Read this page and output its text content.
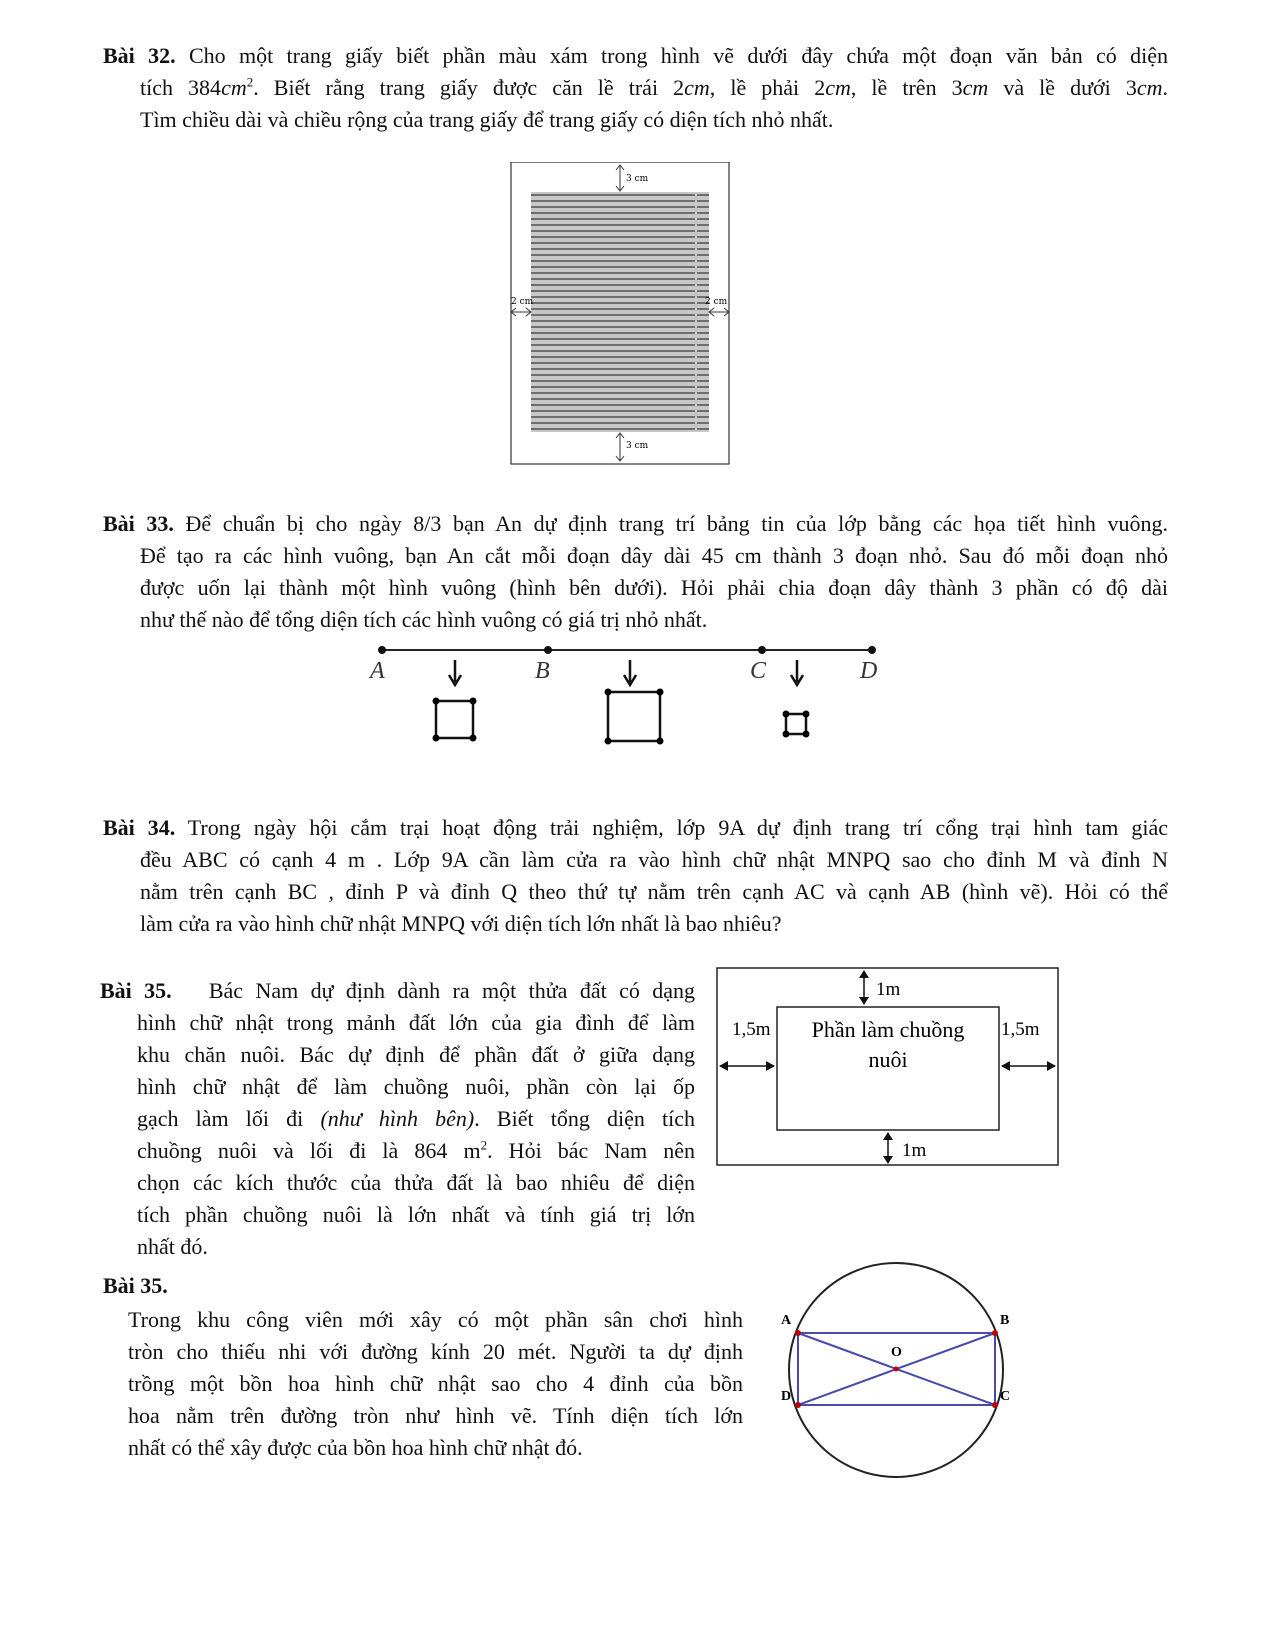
Bài 32. Cho một trang giấy biết phần màu xám trong hình vẽ dưới đây chứa một đoạn văn bản có diện
tích $384cm^2$. Biết rằng trang giấy được căn lề trái 2cm, lề phải 2cm, lề trên 3cm và lề dưới 3cm.
Tìm chiều dài và chiều rộng của trang giấy để trang giấy có diện tích nhỏ nhất.
3 cm
3 cm
2 cm	2 cm
Bài 33. Để chuẩn bị cho ngày 8/3 bạn An dự định trang trí bảng tin của lớp bằng các họa tiết hình vuông.
Để tạo ra các hình vuông, bạn An cắt mỗi đoạn dây dài 45 cm thành 3 đoạn nhỏ. Sau đó mỗi đoạn nhỏ
được uốn lại thành một hình vuông (hình bên dưới). Hỏi phải chia đoạn dây thành 3 phần có độ dài
như thế nào để tổng diện tích các hình vuông có giá trị nhỏ nhất.
A	B	C	D
Bài 34. Trong ngày hội cắm trại hoạt động trải nghiệm, lớp 9A dự định trang trí cổng trại hình tam giác
đều ABC có cạnh 4 m . Lớp 9A cần làm cửa ra vào hình chữ nhật MNPQ sao cho đỉnh M và đỉnh N
nằm trên cạnh BC , đỉnh P và đỉnh Q theo thứ tự nằm trên cạnh AC và cạnh AB (hình vẽ). Hỏi có thể
làm cửa ra vào hình chữ nhật MNPQ với diện tích lớn nhất là bao nhiêu?
Bài 35. Bác Nam dự định dành ra một thửa đất có dạng
hình chữ nhật trong mảnh đất lớn của gia đình để làm
khu chăn nuôi. Bác dự định để phần đất ở giữa dạng
hình chữ nhật để làm chuồng nuôi, phần còn lại ốp
gạch làm lối đi (như hình bên). Biết tổng diện tích
chuồng nuôi và lối đi là 864 $m^2$. Hỏi bác Nam nên
chọn các kích thước của thửa đất là bao nhiêu để diện
tích phần chuồng nuôi là lớn nhất và tính giá trị lớn
nhất đó.
Phần làm chuồng
nuôi
1m
1m
1,5m	1,5m
Bài 35.
Trong khu công viên mới xây có một phần sân chơi hình
tròn cho thiếu nhi với đường kính 20 mét. Người ta dự định
trồng một bồn hoa hình chữ nhật sao cho 4 đỉnh của bồn
hoa nằm trên đường tròn như hình vẽ. Tính diện tích lớn
nhất có thể xây được của bồn hoa hình chữ nhật đó.
A	B
C
D
O
